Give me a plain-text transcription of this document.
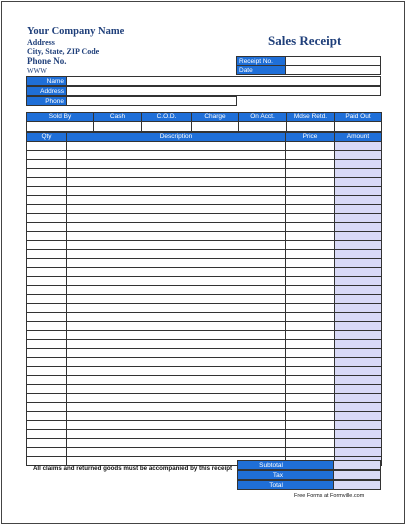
Your Company Name
Address
City, State, ZIP Code
Phone No.
WWW
Sales Receipt
Receipt No.
Date
Name
Address
Phone
Sold By	Cash	C.O.D.	Charge	On Acct.	Mdse Retd.	Paid Out

Qty	Description	Price	Amount

All claims and returned goods must be accompanied by this receipt	Subtotal
Tax
Total
Free Forms at Formville.com
